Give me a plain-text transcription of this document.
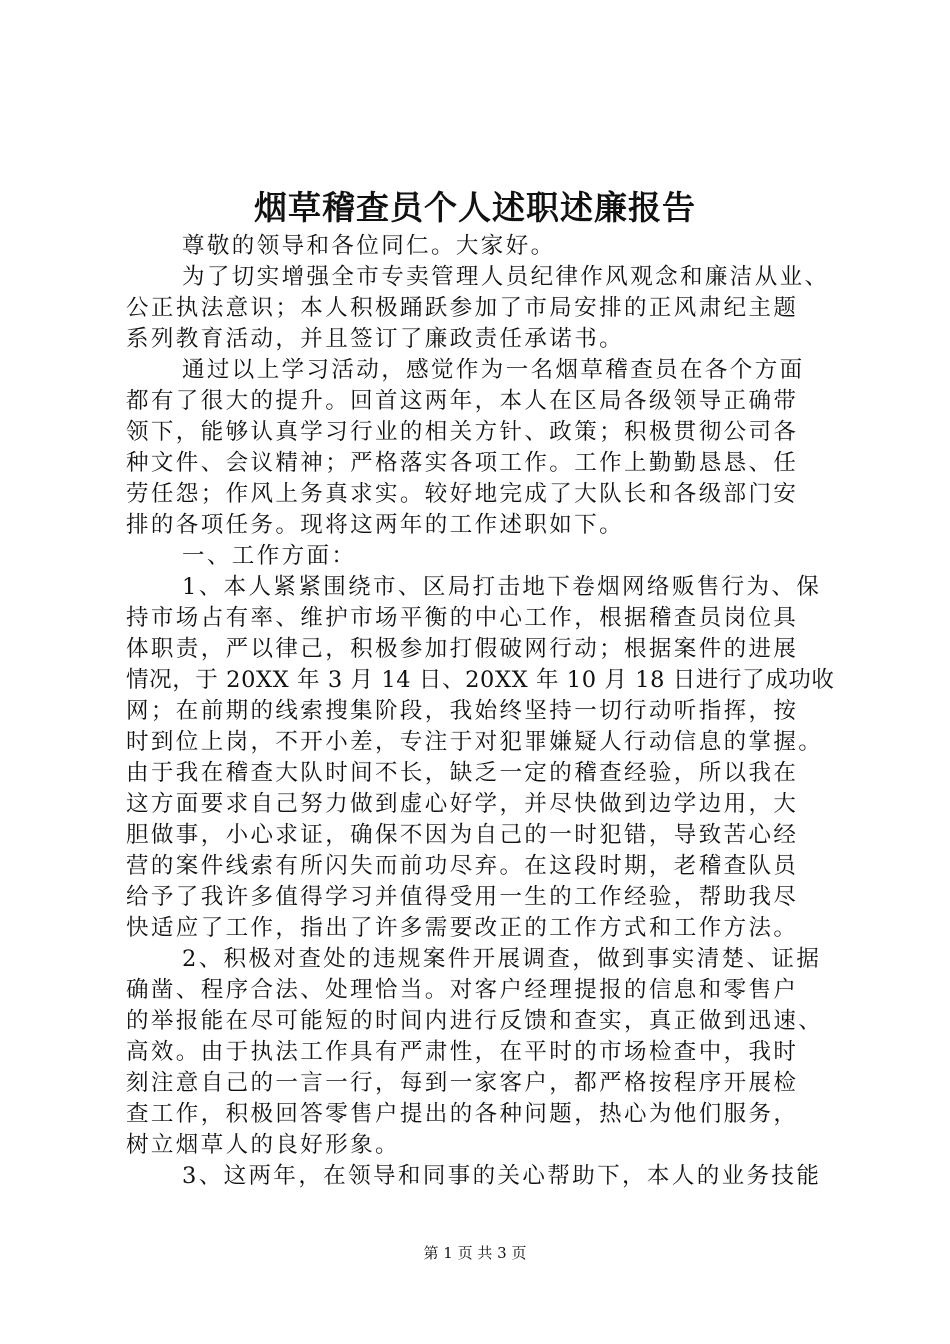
烟草稽查员个人述职述廉报告
尊敬的领导和各位同仁。大家好。
为了切实增强全市专卖管理人员纪律作风观念和廉洁从业、
公正执法意识；本人积极踊跃参加了市局安排的正风肃纪主题
系列教育活动，并且签订了廉政责任承诺书。
通过以上学习活动，感觉作为一名烟草稽查员在各个方面
都有了很大的提升。回首这两年，本人在区局各级领导正确带
领下，能够认真学习行业的相关方针、政策；积极贯彻公司各
种文件、会议精神；严格落实各项工作。工作上勤勤恳恳、任
劳任怨；作风上务真求实。较好地完成了大队长和各级部门安
排的各项任务。现将这两年的工作述职如下。
一、工作方面：
1、本人紧紧围绕市、区局打击地下卷烟网络贩售行为、保
持市场占有率、维护市场平衡的中心工作，根据稽查员岗位具
体职责，严以律己，积极参加打假破网行动；根据案件的进展
情况，于 20XX 年 3 月 14 日、20XX 年 10 月 18 日进行了成功收
网；在前期的线索搜集阶段，我始终坚持一切行动听指挥，按
时到位上岗，不开小差，专注于对犯罪嫌疑人行动信息的掌握。
由于我在稽查大队时间不长，缺乏一定的稽查经验，所以我在
这方面要求自己努力做到虚心好学，并尽快做到边学边用，大
胆做事，小心求证，确保不因为自己的一时犯错，导致苦心经
营的案件线索有所闪失而前功尽弃。在这段时期，老稽查队员
给予了我许多值得学习并值得受用一生的工作经验，帮助我尽
快适应了工作，指出了许多需要改正的工作方式和工作方法。
2、积极对查处的违规案件开展调查，做到事实清楚、证据
确凿、程序合法、处理恰当。对客户经理提报的信息和零售户
的举报能在尽可能短的时间内进行反馈和查实，真正做到迅速、
高效。由于执法工作具有严肃性，在平时的市场检查中，我时
刻注意自己的一言一行，每到一家客户，都严格按程序开展检
查工作，积极回答零售户提出的各种问题，热心为他们服务，
树立烟草人的良好形象。
3、这两年，在领导和同事的关心帮助下，本人的业务技能
第 1 页 共 3 页
